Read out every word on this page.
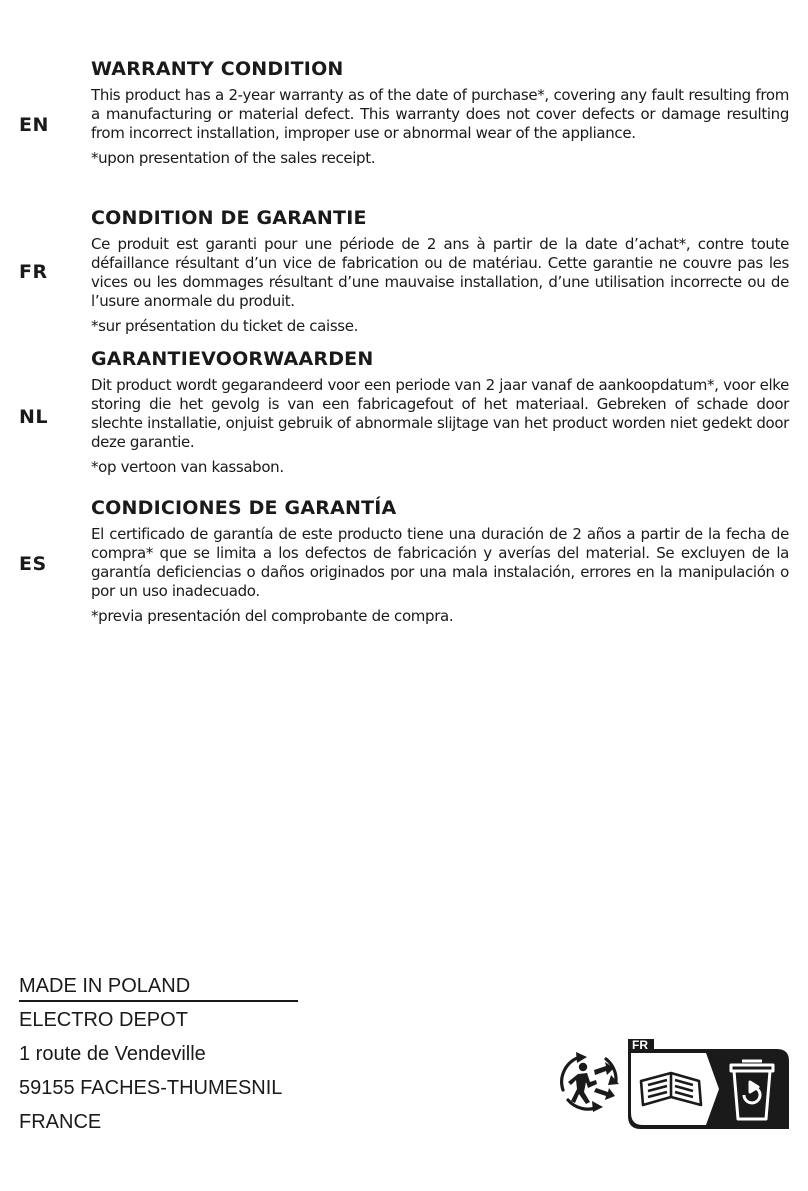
EN
WARRANTY CONDITION

This product has a 2-year warranty as of the date of purchase*, covering any fault resulting from a manufacturing or material defect. This warranty does not cover defects or damage resulting from incorrect installation, improper use or abnormal wear of the appliance.

*upon presentation of the sales receipt.

FR
CONDITION DE GARANTIE

Ce produit est garanti pour une période de 2 ans à partir de la date d’achat*, contre toute défaillance résultant d’un vice de fabrication ou de matériau. Cette garantie ne couvre pas les vices ou les dommages résultant d’une mauvaise installation, d’une utilisation incorrecte ou de l’usure anormale du produit.

*sur présentation du ticket de caisse.

NL
GARANTIEVOORWAARDEN

Dit product wordt gegarandeerd voor een periode van 2 jaar vanaf de aankoopdatum*, voor elke storing die het gevolg is van een fabricagefout of het materiaal. Gebreken of schade door slechte installatie, onjuist gebruik of abnormale slijtage van het product worden niet gedekt door deze garantie.

*op vertoon van kassabon.

ES
CONDICIONES DE GARANTÍA

El certificado de garantía de este producto tiene una duración de 2 años a partir de la fecha de compra* que se limita a los defectos de fabricación y averías del material. Se excluyen de la garantía deficiencias o daños originados por una mala instalación, errores en la manipulación o por un uso inadecuado.

*previa presentación del comprobante de compra.

MADE IN POLAND
ELECTRO DEPOT
1 route de Vendeville
59155 FACHES-THUMESNIL
FRANCE
FR
